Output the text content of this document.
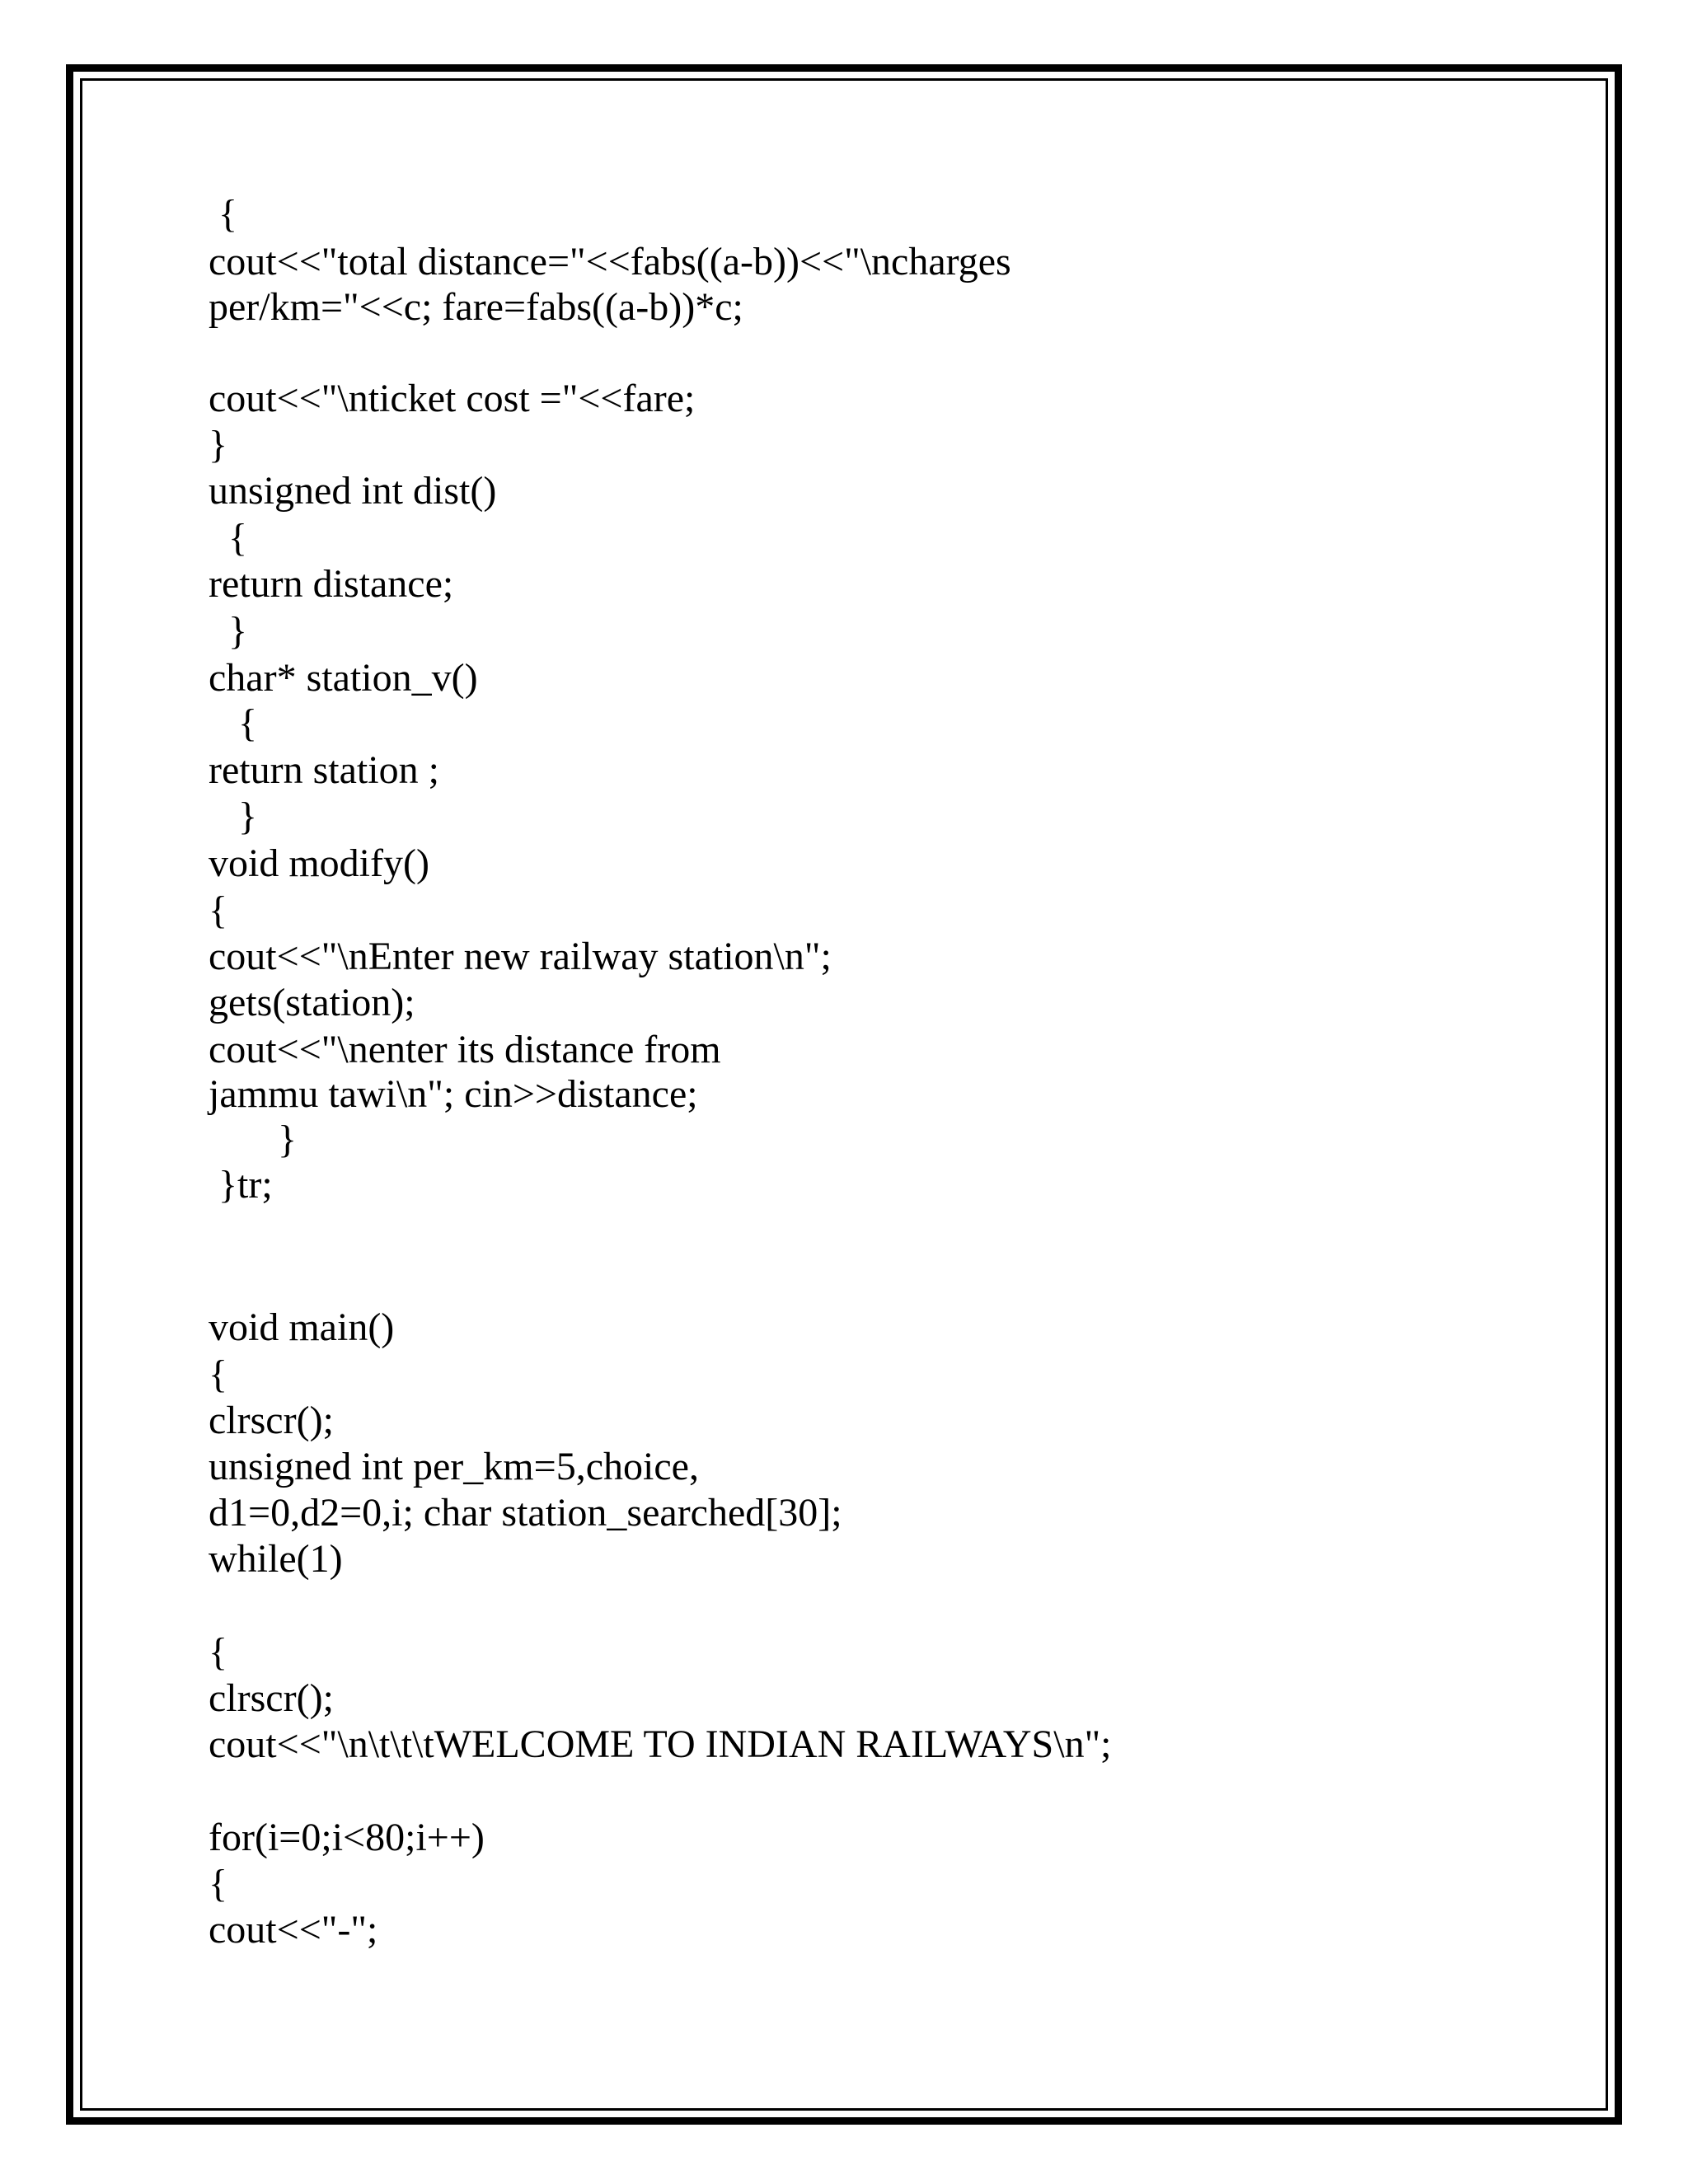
{

cout<<"total distance="<<fabs((a-b))<<"\ncharges

per/km="<<c; fare=fabs((a-b))*c;

cout<<"\nticket cost ="<<fare;

}

unsigned int dist()

{

return distance;

}

char* station_v()

{

return station ;

}

void modify()

{

cout<<"\nEnter new railway station\n";

gets(station);

cout<<"\nenter its distance from

jammu tawi\n"; cin>>distance;

}

}tr;

void main()

{

clrscr();

unsigned int per_km=5,choice,

d1=0,d2=0,i; char station_searched[30];

while(1)

{

clrscr();

cout<<"\n\t\t\tWELCOME TO INDIAN RAILWAYS\n";

for(i=0;i<80;i++)

{

cout<<"-";
